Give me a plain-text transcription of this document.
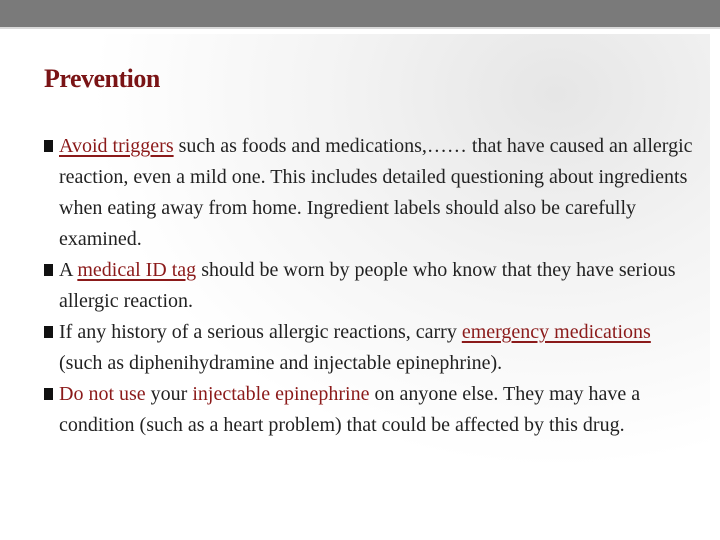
Prevention
Avoid triggers such as foods and medications,…… that have caused an allergic reaction, even a mild one. This includes detailed questioning about ingredients when eating away from home. Ingredient labels should also be carefully examined.
A medical ID tag should be worn by people who know that they have serious allergic reaction.
If any history of a serious allergic reactions, carry emergency medications (such as diphenihydramine and injectable epinephrine).
Do not use your injectable epinephrine on anyone else. They may have a condition (such as a heart problem) that could be affected by this drug.
